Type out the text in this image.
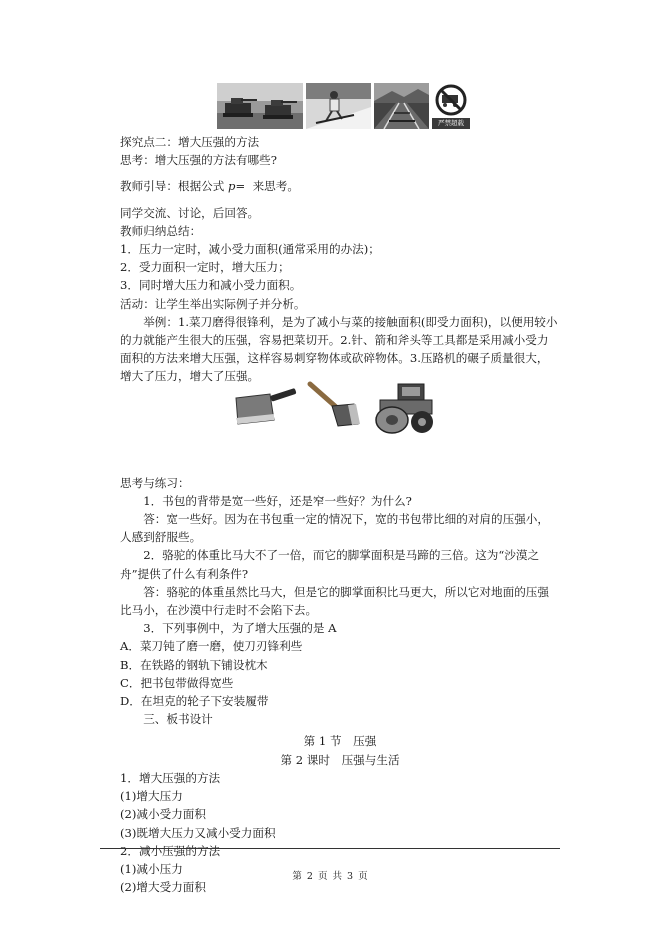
严禁超载

探究点二：增大压强的方法

思考：增大压强的方法有哪些?

教师引导：根据公式 p= 来思考。

同学交流、讨论，后回答。

教师归纳总结：

1．压力一定时，减小受力面积(通常采用的办法)；

2．受力面积一定时，增大压力；

3．同时增大压力和减小受力面积。

活动：让学生举出实际例子并分析。

举例：1.菜刀磨得很锋利，是为了减小与菜的接触面积(即受力面积)，以便用较小的力就能产生很大的压强，容易把菜切开。2.针、箭和斧头等工具都是采用减小受力面积的方法来增大压强，这样容易刺穿物体或砍碎物体。3.压路机的碾子质量很大，增大了压力，增大了压强。

思考与练习：

1．书包的背带是宽一些好，还是窄一些好？为什么?

答：宽一些好。因为在书包重一定的情况下，宽的书包带比细的对肩的压强小，人感到舒服些。

2．骆驼的体重比马大不了一倍，而它的脚掌面积是马蹄的三倍。这为“沙漠之舟”提供了什么有利条件?

答：骆驼的体重虽然比马大，但是它的脚掌面积比马更大，所以它对地面的压强比马小，在沙漠中行走时不会陷下去。

3．下列事例中，为了增大压强的是 A

A．菜刀钝了磨一磨，使刀刃锋利些

B．在铁路的钢轨下铺设枕木

C．把书包带做得宽些

D．在坦克的轮子下安装履带

三、板书设计

第 1 节　压强

第 2 课时　压强与生活

1．增大压强的方法

(1)增大压力

(2)减小受力面积

(3)既增大压力又减小受力面积

2．减小压强的方法

(1)减小压力

(2)增大受力面积

第 2 页 共 3 页
